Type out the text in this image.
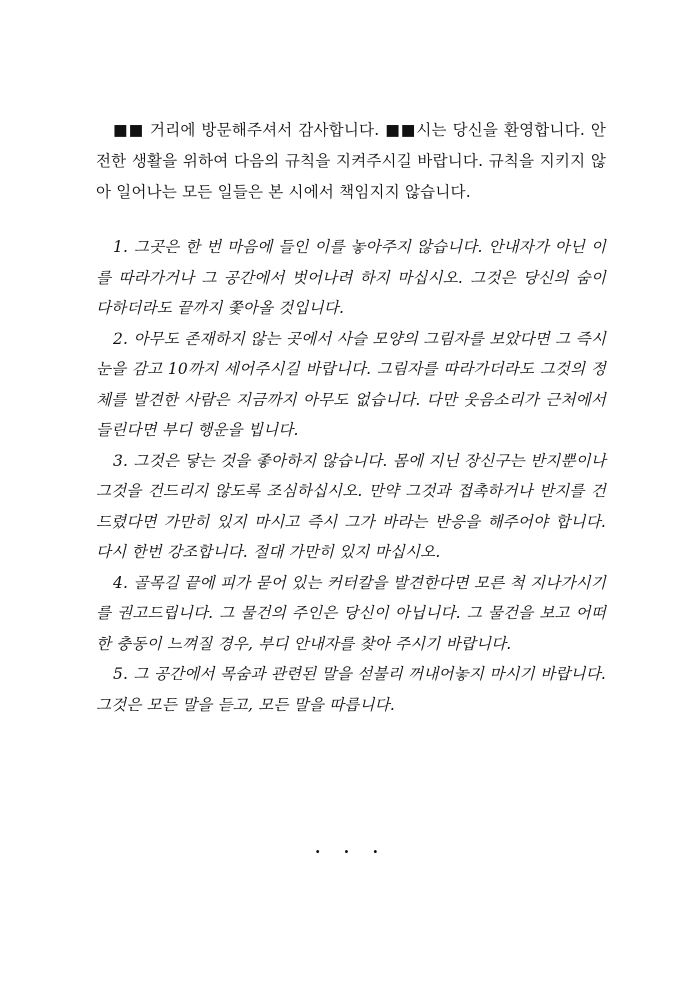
■■ 거리에 방문해주셔서 감사합니다. ■■시는 당신을 환영합니다. 안전한 생활을 위하여 다음의 규칙을 지켜주시길 바랍니다. 규칙을 지키지 않아 일어나는 모든 일들은 본 시에서 책임지지 않습니다.

1. 그곳은 한 번 마음에 들인 이를 놓아주지 않습니다. 안내자가 아닌 이를 따라가거나 그 공간에서 벗어나려 하지 마십시오. 그것은 당신의 숨이 다하더라도 끝까지 쫓아올 것입니다.

2. 아무도 존재하지 않는 곳에서 사슬 모양의 그림자를 보았다면 그 즉시 눈을 감고 10까지 세어주시길 바랍니다. 그림자를 따라가더라도 그것의 정체를 발견한 사람은 지금까지 아무도 없습니다. 다만 웃음소리가 근처에서 들린다면 부디 행운을 빕니다.

3. 그것은 닿는 것을 좋아하지 않습니다. 몸에 지닌 장신구는 반지뿐이나 그것을 건드리지 않도록 조심하십시오. 만약 그것과 접촉하거나 반지를 건드렸다면 가만히 있지 마시고 즉시 그가 바라는 반응을 해주어야 합니다. 다시 한번 강조합니다. 절대 가만히 있지 마십시오.

4. 골목길 끝에 피가 묻어 있는 커터칼을 발견한다면 모른 척 지나가시기를 권고드립니다. 그 물건의 주인은 당신이 아닙니다. 그 물건을 보고 어떠한 충동이 느껴질 경우, 부디 안내자를 찾아 주시기 바랍니다.

5. 그 공간에서 목숨과 관련된 말을 섣불리 꺼내어놓지 마시기 바랍니다. 그것은 모든 말을 듣고, 모든 말을 따릅니다.

. . .
